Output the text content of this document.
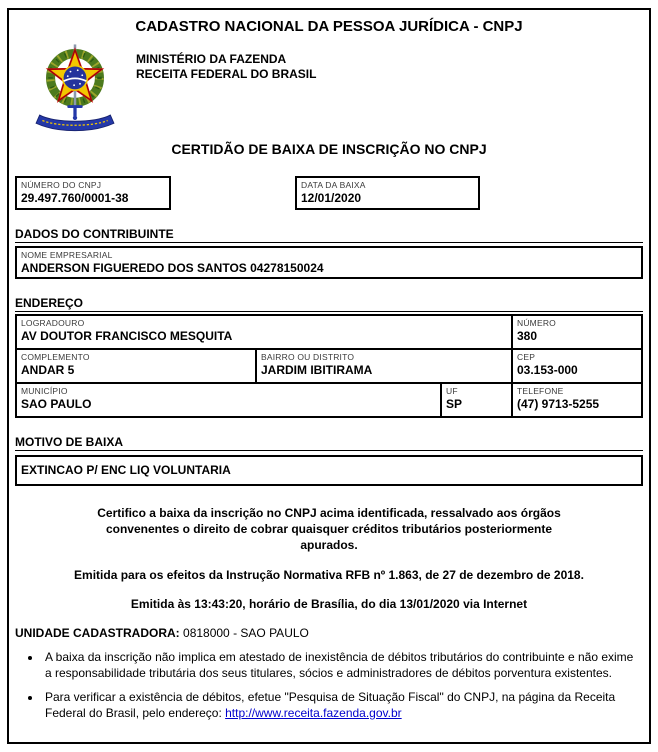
CADASTRO NACIONAL DA PESSOA JURÍDICA - CNPJ
MINISTÉRIO DA FAZENDA
RECEITA FEDERAL DO BRASIL
CERTIDÃO DE BAIXA DE INSCRIÇÃO NO CNPJ
NÚMERO DO CNPJ
29.497.760/0001-38
DATA DA BAIXA
12/01/2020
DADOS DO CONTRIBUINTE
NOME EMPRESARIAL
ANDERSON FIGUEREDO DOS SANTOS 04278150024
ENDEREÇO
LOGRADOURO
AV DOUTOR FRANCISCO MESQUITA
NÚMERO
380
COMPLEMENTO
ANDAR 5
BAIRRO OU DISTRITO
JARDIM IBITIRAMA
CEP
03.153-000
MUNICÍPIO
SAO PAULO
UF
SP
TELEFONE
(47) 9713-5255
MOTIVO DE BAIXA
EXTINCAO P/ ENC LIQ VOLUNTARIA

Certifico a baixa da inscrição no CNPJ acima identificada, ressalvado aos órgãos convenentes o direito de cobrar quaisquer créditos tributários posteriormente apurados.

Emitida para os efeitos da Instrução Normativa RFB nº 1.863, de 27 de dezembro de 2018.

Emitida às 13:43:20, horário de Brasília, do dia 13/01/2020 via Internet

UNIDADE CADASTRADORA: 0818000 - SAO PAULO
• A baixa da inscrição não implica em atestado de inexistência de débitos tributários do contribuinte e não exime a responsabilidade tributária dos seus titulares, sócios e administradores de débitos porventura existentes.
• Para verificar a existência de débitos, efetue "Pesquisa de Situação Fiscal" do CNPJ, na página da Receita Federal do Brasil, pelo endereço: http://www.receita.fazenda.gov.br
